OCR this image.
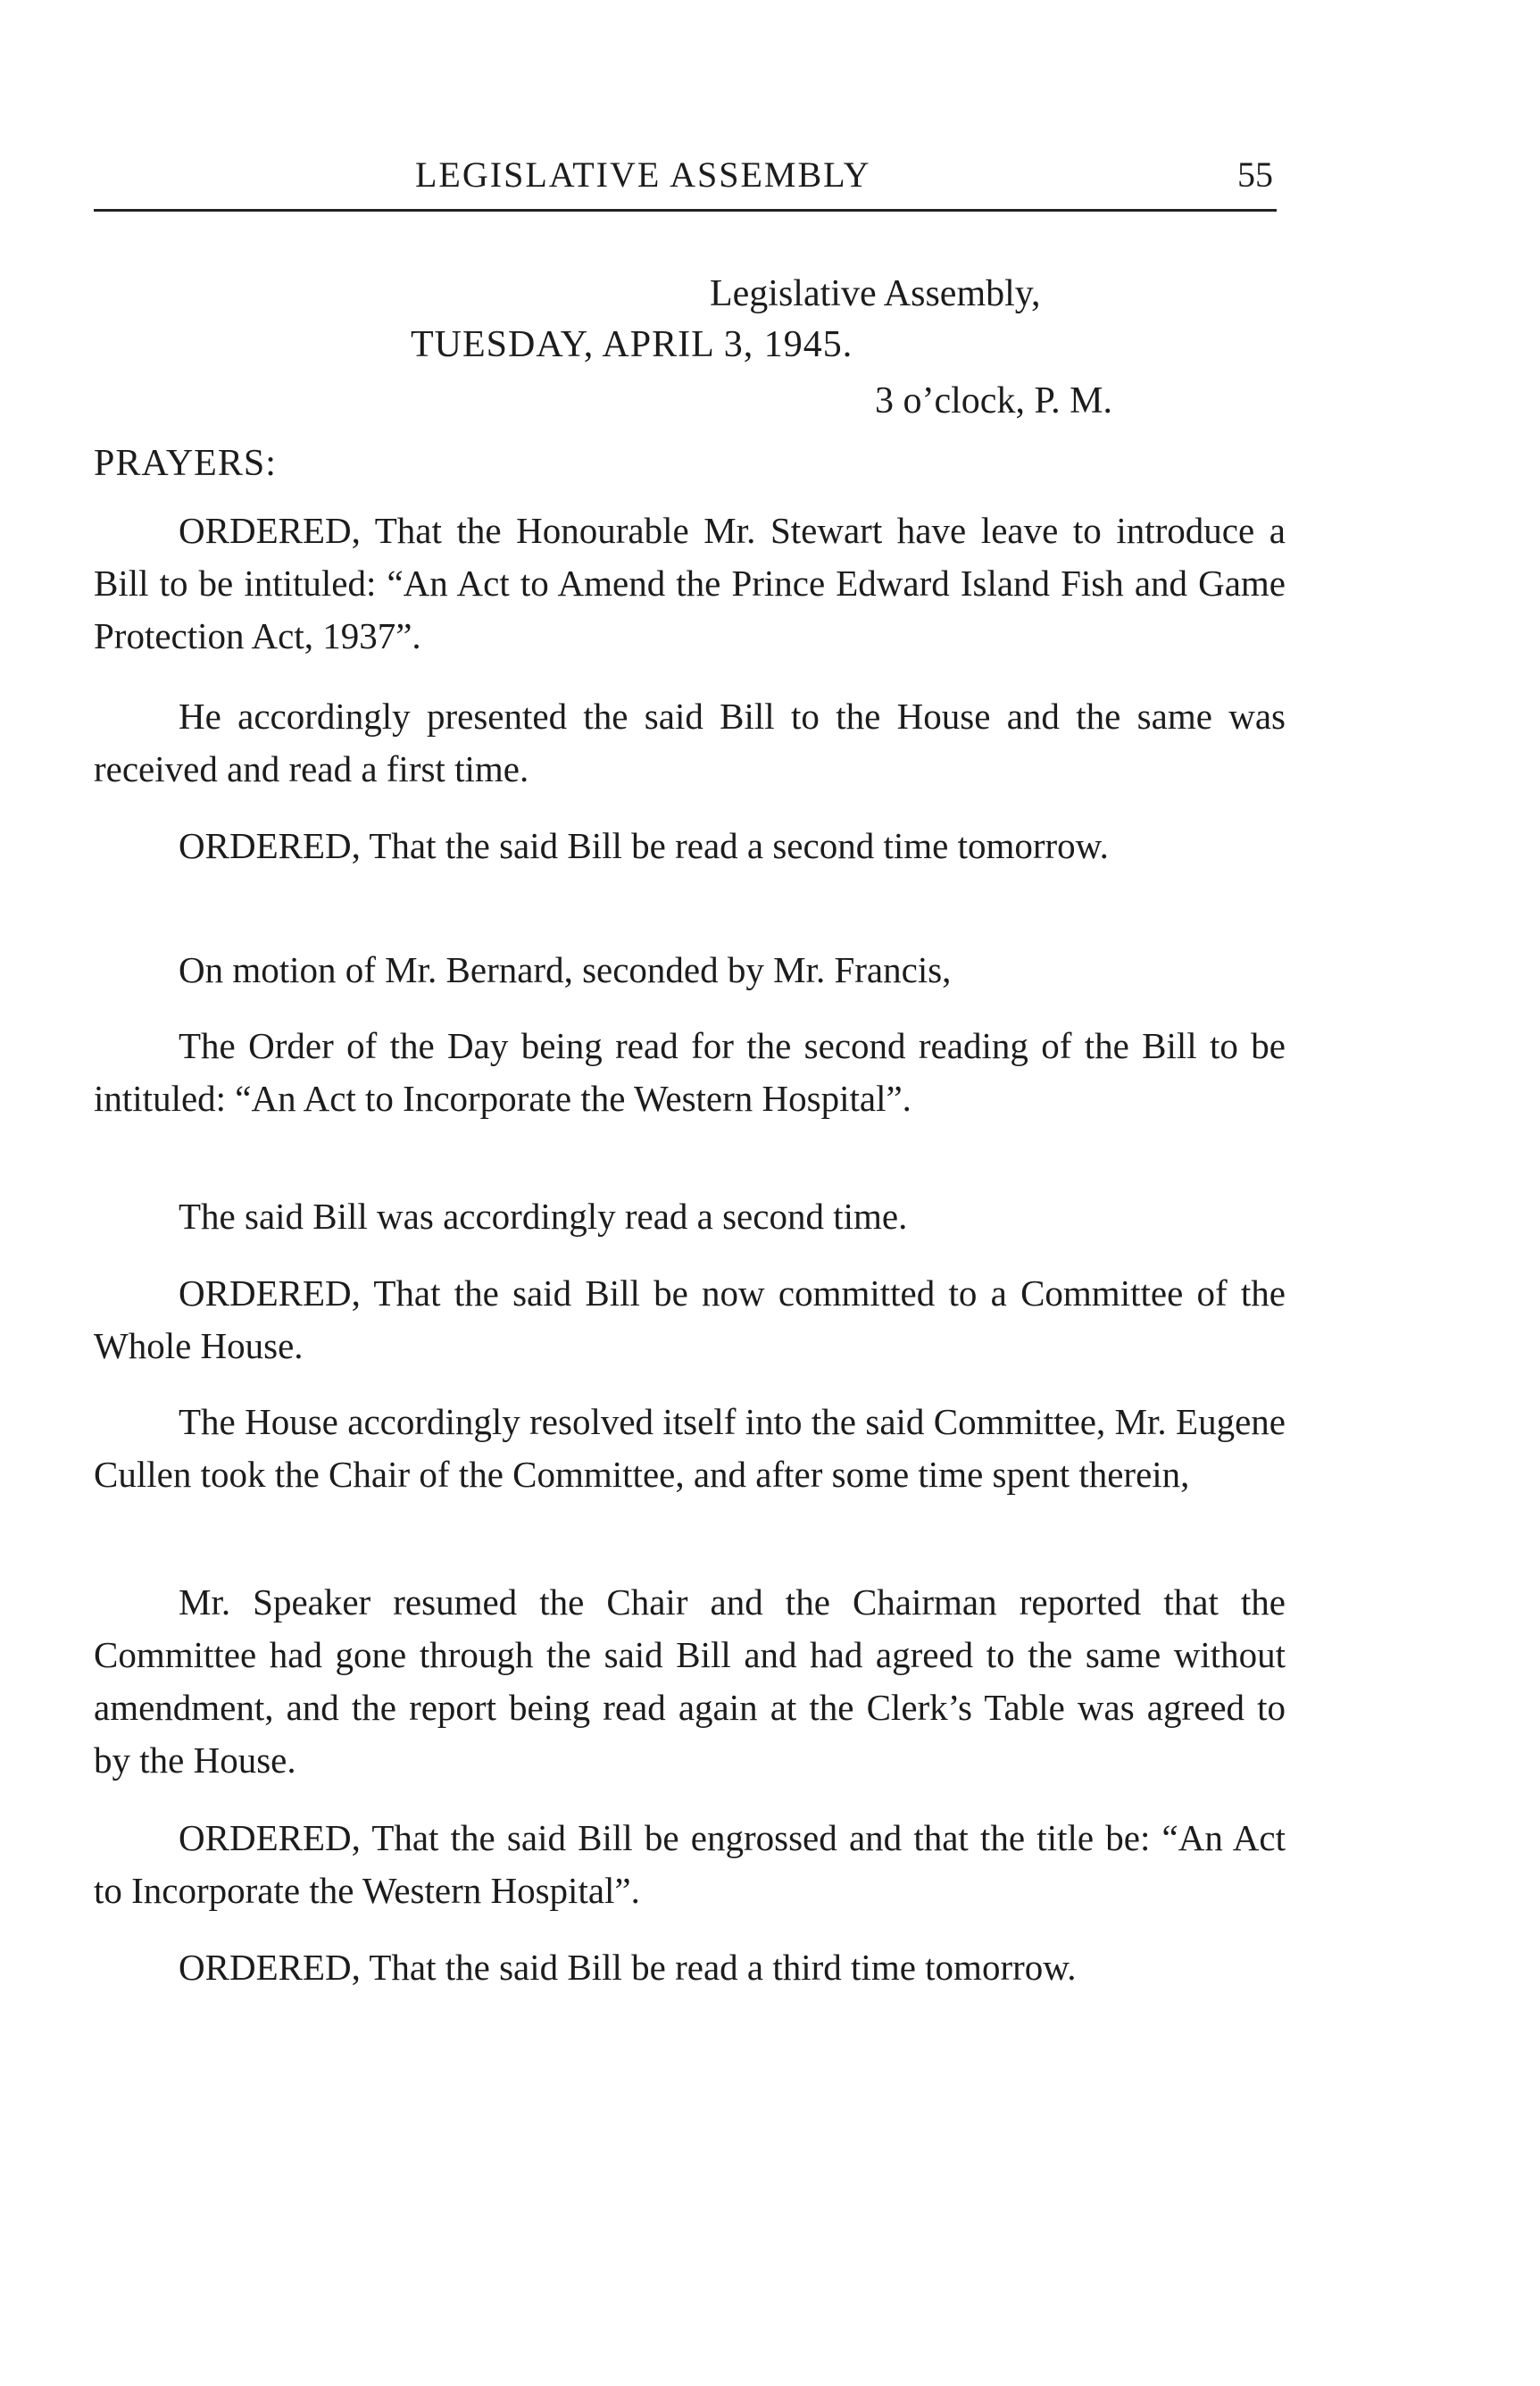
LEGISLATIVE ASSEMBLY	55
Legislative Assembly,
TUESDAY, APRIL 3, 1945.
3 o’clock, P. M.
PRAYERS:

ORDERED, That the Honourable Mr. Stewart have leave to introduce a Bill to be intituled: “An Act to Amend the Prince Edward Island Fish and Game Protection Act, 1937”.

He accordingly presented the said Bill to the House and the same was received and read a first time.

ORDERED, That the said Bill be read a second time tomorrow.

On motion of Mr. Bernard, seconded by Mr. Francis,

The Order of the Day being read for the second reading of the Bill to be intituled: “An Act to Incorporate the Western Hospital”.

The said Bill was accordingly read a second time.

ORDERED, That the said Bill be now committed to a Committee of the Whole House.

The House accordingly resolved itself into the said Committee, Mr. Eugene Cullen took the Chair of the Committee, and after some time spent therein,

Mr. Speaker resumed the Chair and the Chairman reported that the Committee had gone through the said Bill and had agreed to the same without amendment, and the report being read again at the Clerk’s Table was agreed to by the House.

ORDERED, That the said Bill be engrossed and that the title be: “An Act to Incorporate the Western Hospital”.

ORDERED, That the said Bill be read a third time tomorrow.
